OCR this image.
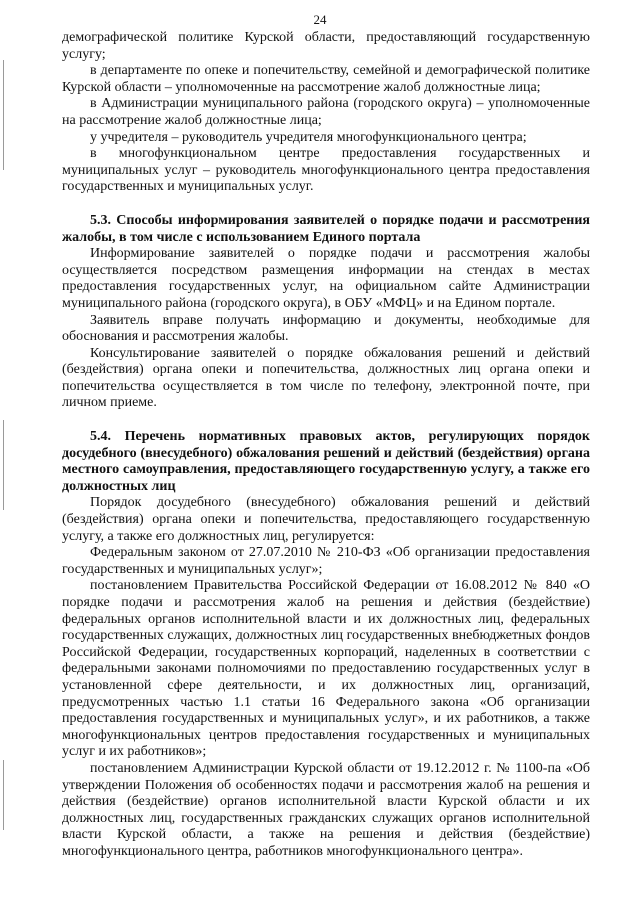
24

демографической политике Курской области, предоставляющий государственную услугу;

в департаменте по опеке и попечительству, семейной и демографической политике Курской области – уполномоченные на рассмотрение жалоб должностные лица;

в Администрации муниципального района (городского округа) – уполномоченные на рассмотрение жалоб должностные лица;

у учредителя – руководитель учредителя многофункционального центра;

в многофункциональном центре предоставления государственных и муниципальных услуг – руководитель многофункционального центра предоставления государственных и муниципальных услуг.

5.3. Способы информирования заявителей о порядке подачи и рассмотрения жалобы, в том числе с использованием Единого портала

Информирование заявителей о порядке подачи и рассмотрения жалобы осуществляется посредством размещения информации на стендах в местах предоставления государственных услуг, на официальном сайте Администрации муниципального района (городского округа), в ОБУ «МФЦ» и на Едином портале.

Заявитель вправе получать информацию и документы, необходимые для обоснования и рассмотрения жалобы.

Консультирование заявителей о порядке обжалования решений и действий (бездействия) органа опеки и попечительства, должностных лиц органа опеки и попечительства осуществляется в том числе по телефону, электронной почте, при личном приеме.

5.4. Перечень нормативных правовых актов, регулирующих порядок досудебного (внесудебного) обжалования решений и действий (бездействия) органа местного самоуправления, предоставляющего государственную услугу, а также его должностных лиц

Порядок досудебного (внесудебного) обжалования решений и действий (бездействия) органа опеки и попечительства, предоставляющего государственную услугу, а также его должностных лиц, регулируется:

Федеральным законом от 27.07.2010 № 210-ФЗ «Об организации предоставления государственных и муниципальных услуг»;

постановлением Правительства Российской Федерации от 16.08.2012 № 840 «О порядке подачи и рассмотрения жалоб на решения и действия (бездействие) федеральных органов исполнительной власти и их должностных лиц, федеральных государственных служащих, должностных лиц государственных внебюджетных фондов Российской Федерации, государственных корпораций, наделенных в соответствии с федеральными законами полномочиями по предоставлению государственных услуг в установленной сфере деятельности, и их должностных лиц, организаций, предусмотренных частью 1.1 статьи 16 Федерального закона «Об организации предоставления государственных и муниципальных услуг», и их работников, а также многофункциональных центров предоставления государственных и муниципальных услуг и их работников»;

постановлением Администрации Курской области от 19.12.2012 г. № 1100-па «Об утверждении Положения об особенностях подачи и рассмотрения жалоб на решения и действия (бездействие) органов исполнительной власти Курской области и их должностных лиц, государственных гражданских служащих органов исполнительной власти Курской области, а также на решения и действия (бездействие) многофункционального центра, работников многофункционального центра».
